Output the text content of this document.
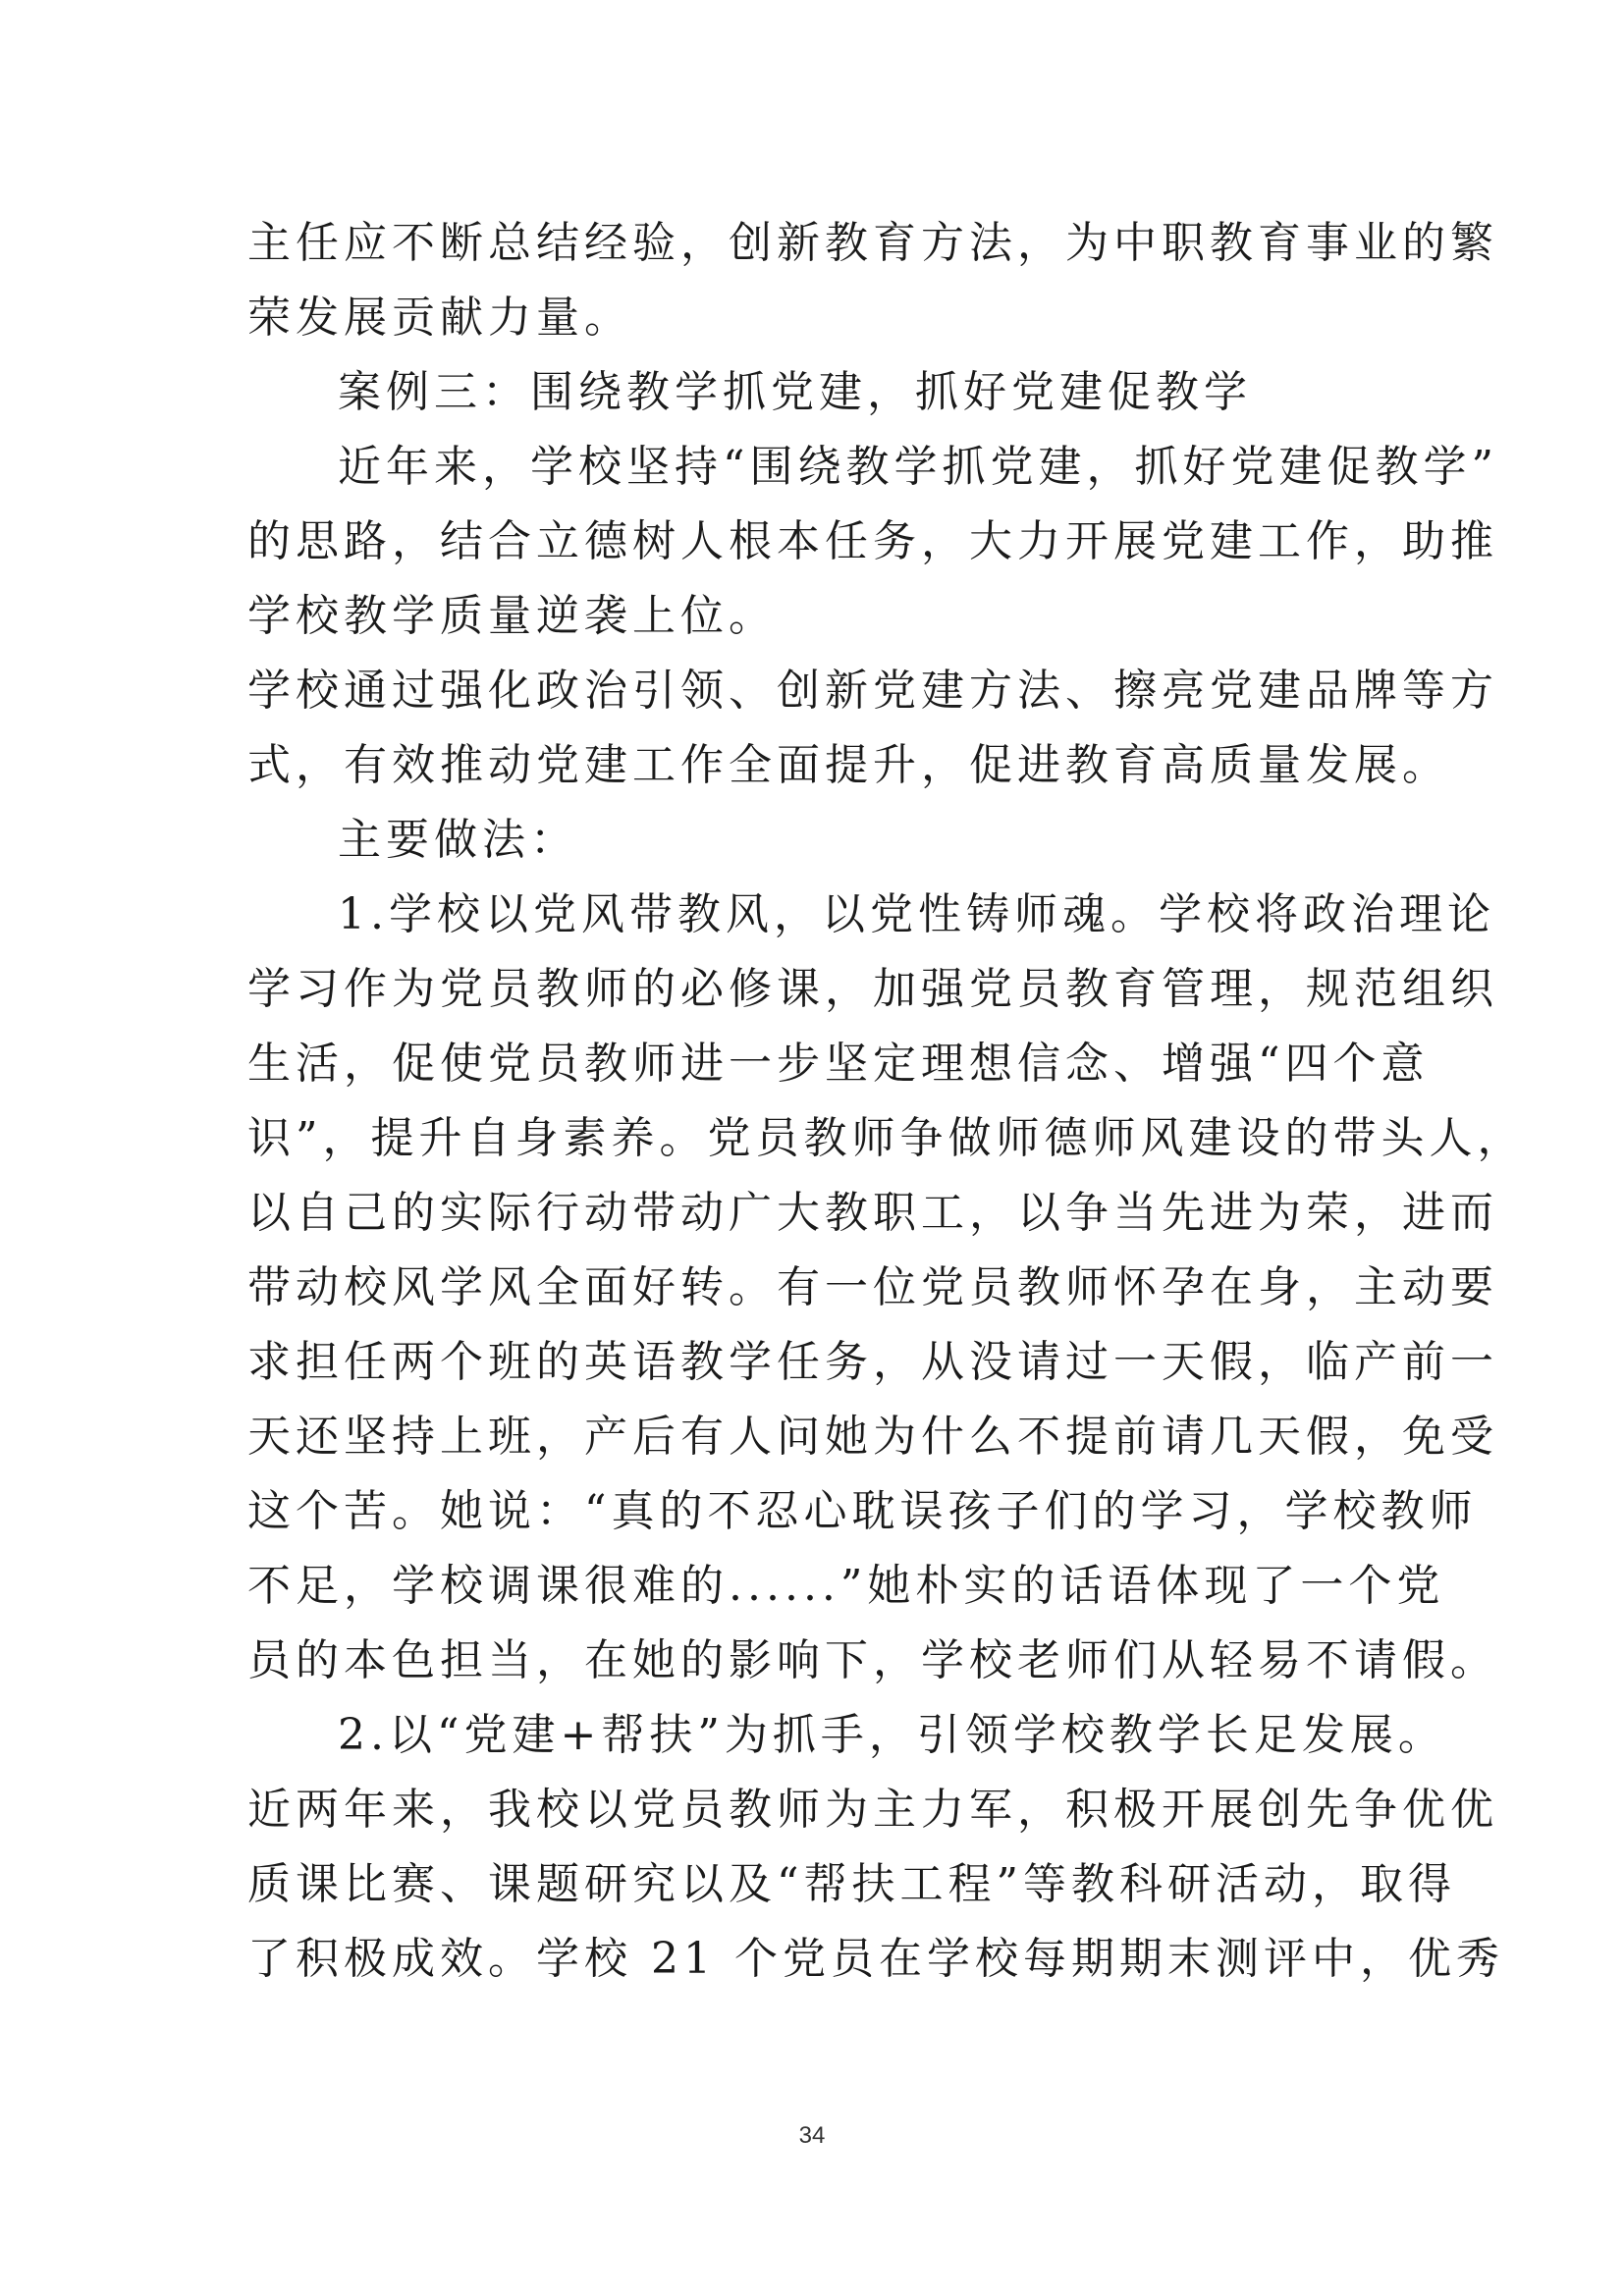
主任应不断总结经验，创新教育方法，为中职教育事业的繁
荣发展贡献力量。
案例三：围绕教学抓党建，抓好党建促教学
近年来，学校坚持“围绕教学抓党建，抓好党建促教学”
的思路，结合立德树人根本任务，大力开展党建工作，助推
学校教学质量逆袭上位。
学校通过强化政治引领、创新党建方法、擦亮党建品牌等方
式，有效推动党建工作全面提升，促进教育高质量发展。
主要做法：
1.学校以党风带教风，以党性铸师魂。学校将政治理论
学习作为党员教师的必修课，加强党员教育管理，规范组织
生活，促使党员教师进一步坚定理想信念、增强“四个意
识”，提升自身素养。党员教师争做师德师风建设的带头人，
以自己的实际行动带动广大教职工，以争当先进为荣，进而
带动校风学风全面好转。有一位党员教师怀孕在身，主动要
求担任两个班的英语教学任务，从没请过一天假，临产前一
天还坚持上班，产后有人问她为什么不提前请几天假，免受
这个苦。她说：“真的不忍心耽误孩子们的学习，学校教师
不足，学校调课很难的......”她朴实的话语体现了一个党
员的本色担当，在她的影响下，学校老师们从轻易不请假。
2.以“党建+帮扶”为抓手，引领学校教学长足发展。
近两年来，我校以党员教师为主力军，积极开展创先争优优
质课比赛、课题研究以及“帮扶工程”等教科研活动，取得
了积极成效。学校 21 个党员在学校每期期末测评中，优秀
34
